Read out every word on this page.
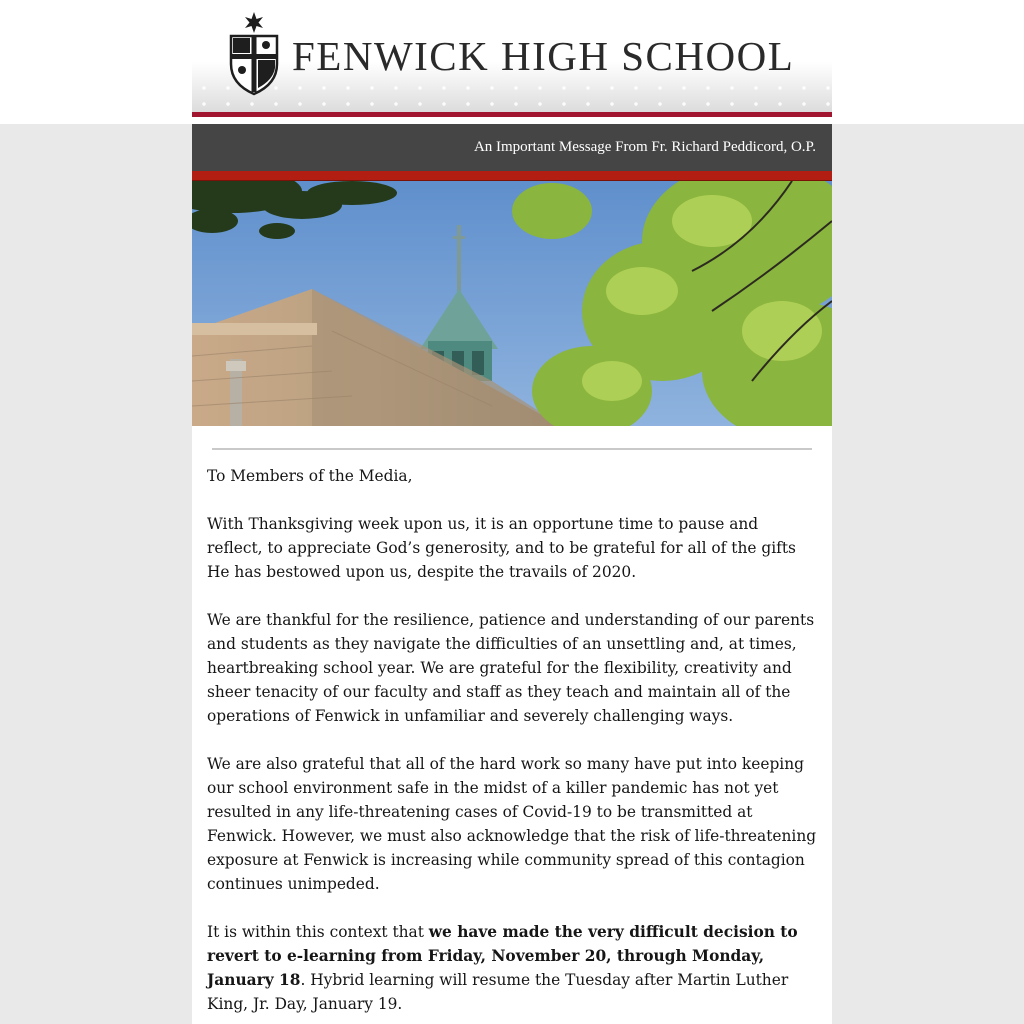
FENWICK HIGH SCHOOL
An Important Message From Fr. Richard Peddicord, O.P.

To Members of the Media,

With Thanksgiving week upon us, it is an opportune time to pause and reflect, to appreciate God’s generosity, and to be grateful for all of the gifts He has bestowed upon us, despite the travails of 2020.

We are thankful for the resilience, patience and understanding of our parents and students as they navigate the difficulties of an unsettling and, at times, heartbreaking school year. We are grateful for the flexibility, creativity and sheer tenacity of our faculty and staff as they teach and maintain all of the operations of Fenwick in unfamiliar and severely challenging ways.

We are also grateful that all of the hard work so many have put into keeping our school environment safe in the midst of a killer pandemic has not yet resulted in any life-threatening cases of Covid-19 to be transmitted at Fenwick. However, we must also acknowledge that the risk of life-threatening exposure at Fenwick is increasing while community spread of this contagion continues unimpeded.

It is within this context that we have made the very difficult decision to revert to e-learning from Friday, November 20, through Monday, January 18. Hybrid learning will resume the Tuesday after Martin Luther King, Jr. Day, January 19.
